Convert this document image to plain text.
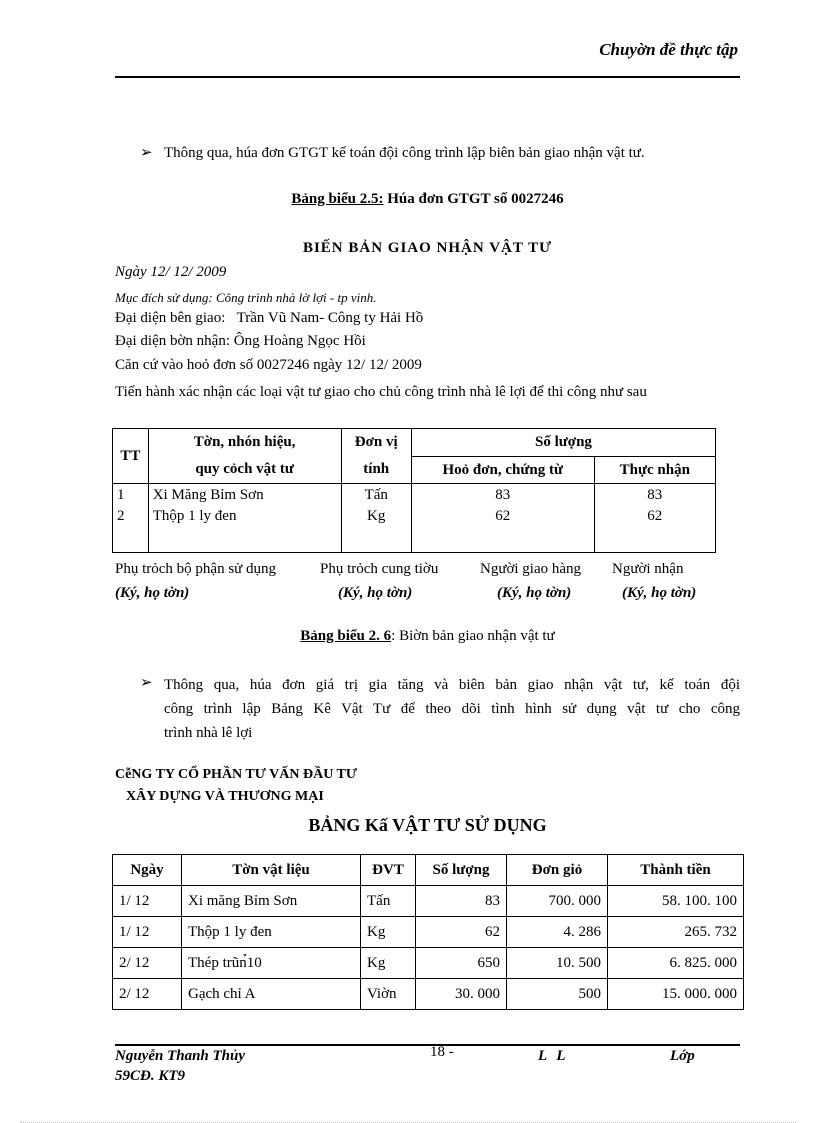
Chuyờn đề thực tập
➢ Thông qua, húa đơn GTGT kế toán đội công trình lập biên bản giao nhận vật tư.
Bảng biểu 2.5: Húa đơn GTGT số 0027246
BIẾN BẢN GIAO NHẬN VẬT TƯ
Ngày 12/ 12/ 2009
Mục đích sử dụng: Công trình nhà lờ lợi - tp vinh.
Đại diện bên giao: Trần Vũ Nam- Công ty Hải Hồ
Đại diện bờn nhận: Ông Hoàng Ngọc Hồi
Căn cứ vào hoỏ đơn số 0027246 ngày 12/ 12/ 2009
Tiến hành xác nhận các loại vật tư giao cho chủ công trình nhà lê lợi để thi công như sau
TT	Tờn, nhón hiệu,	Đơn vị	Số lượng	
	quy cỏch vật tư	tính	Hoỏ đơn, chứng từ	Thực nhận
1	Xi Măng Bỉm Sơn	Tấn	83	83
2	Thộp 1 ly đen	Kg	62	62
Phụ trỏch bộ phận sử dụng	Phụ trỏch cung tiờu	Người giao hàng Người nhận
(Ký, họ tờn)	(Ký, họ tờn)	(Ký, họ tờn)	(Ký, họ tờn)
Bảng biểu 2. 6: Biờn bản giao nhận vật tư
➢ Thông qua, húa đơn giá trị gia tăng và biên bản giao nhận vật tư, kế toán đội
công trình lập Bảng Kê Vật Tư để theo dõi tình hình sử dụng vật tư cho công
trình nhà lê lợi
CễNG TY CỔ PHẦN TƯ VẤN ĐẦU TƯ
XÂY DỰNG VÀ THƯƠNG MẠI
BẢNG Kấ VẬT TƯ SỬ DỤNG
Ngày	Tờn vật liệu	ĐVT	Số lượng	Đơn giỏ	Thành tiền
1/ 12	Xi măng Bỉm Sơn	Tấn	83	700. 000	58. 100. 100
1/ 12	Thộp 1 ly đen	Kg	62	4. 286	265. 732
2/ 12	Thép trũn̉10	Kg	650	10. 500	6. 825. 000
2/ 12	Gạch chỉ A	Viờn	30. 000	500	15. 000. 000
Nguyễn Thanh Thủy	18 -	L L	Lớp
59CĐ. KT9
